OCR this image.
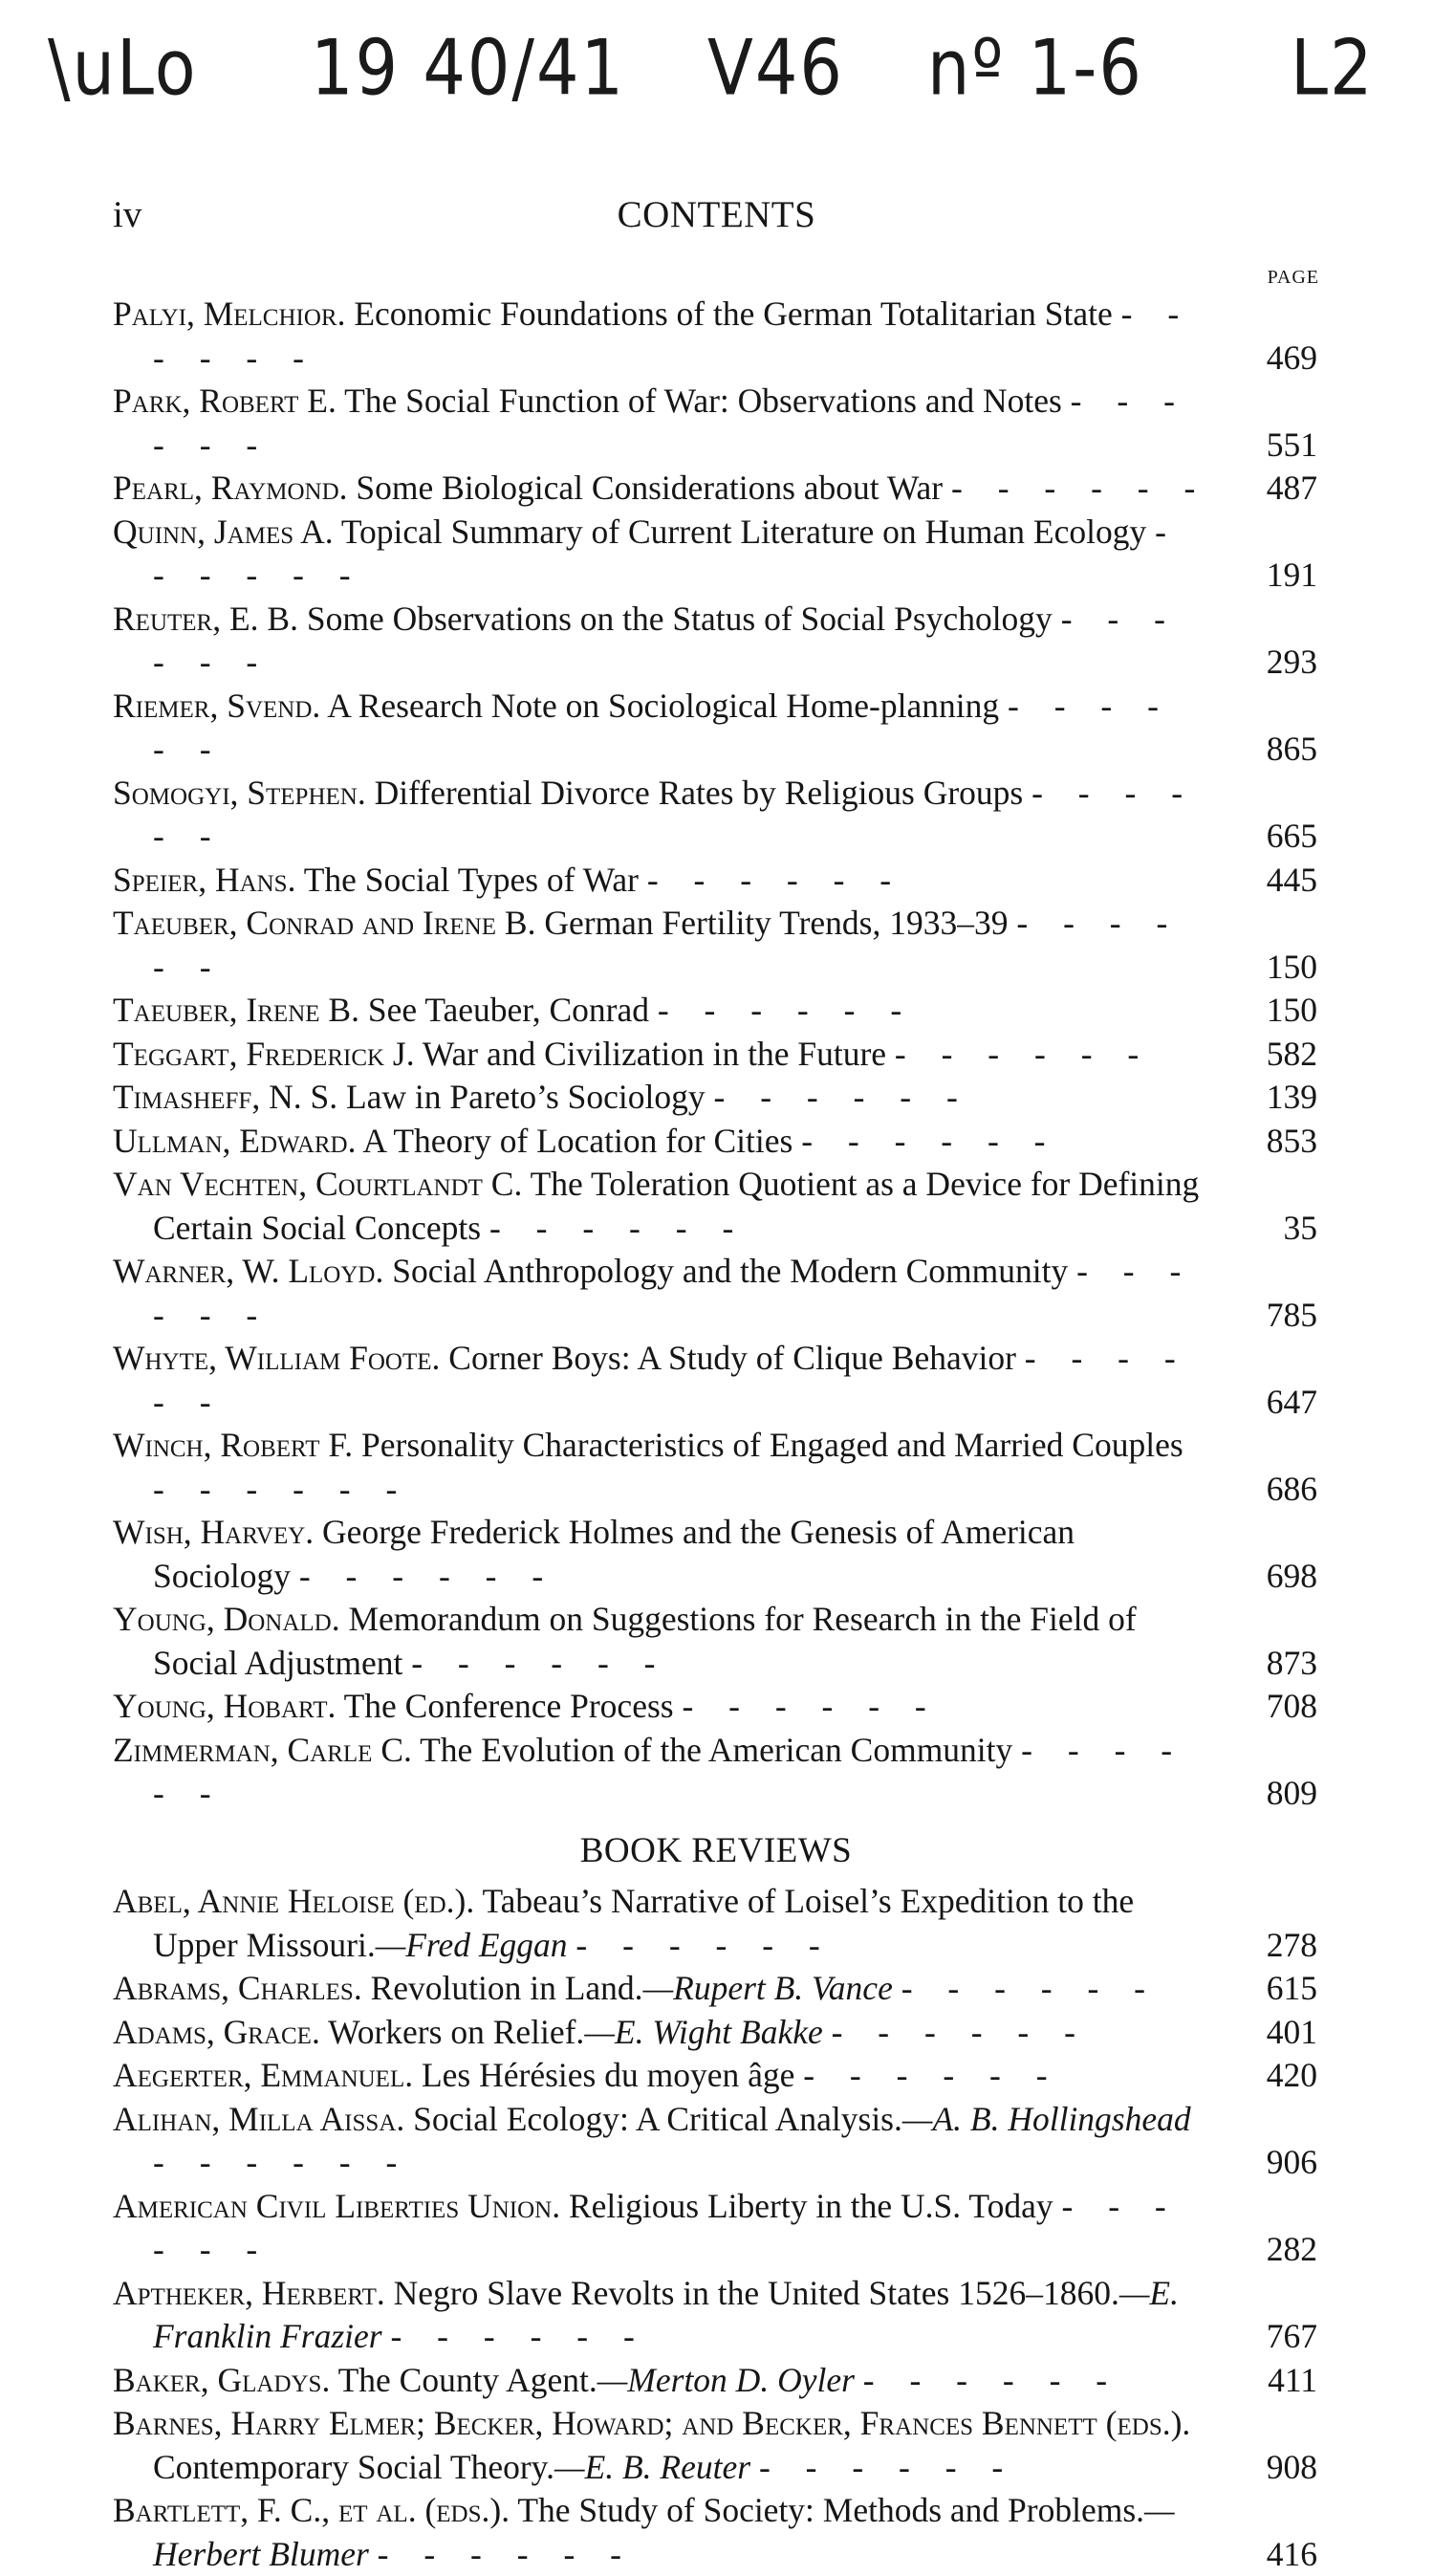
\uLo 19 40/41 V46 nº 1-6 L2
iv	CONTENTS
PAGE
Palyi, Melchior. Economic Foundations of the German Totalitarian State - - - - - -	469
Park, Robert E. The Social Function of War: Observations and Notes - - - - - -	551
Pearl, Raymond. Some Biological Considerations about War - - - - - -	487
Quinn, James A. Topical Summary of Current Literature on Human Ecology - - - - - -	191
Reuter, E. B. Some Observations on the Status of Social Psychology - - - - - -	293
Riemer, Svend. A Research Note on Sociological Home-planning - - - - - -	865
Somogyi, Stephen. Differential Divorce Rates by Religious Groups - - - - - -	665
Speier, Hans. The Social Types of War - - - - - -	445
Taeuber, Conrad and Irene B. German Fertility Trends, 1933–39 - - - - - -	150
Taeuber, Irene B. See Taeuber, Conrad - - - - - -	150
Teggart, Frederick J. War and Civilization in the Future - - - - - -	582
Timasheff, N. S. Law in Pareto’s Sociology - - - - - -	139
Ullman, Edward. A Theory of Location for Cities - - - - - -	853
Van Vechten, Courtlandt C. The Toleration Quotient as a Device for Defining Certain Social Concepts - - - - - -	35
Warner, W. Lloyd. Social Anthropology and the Modern Community - - - - - -	785
Whyte, William Foote. Corner Boys: A Study of Clique Behavior - - - - - -	647
Winch, Robert F. Personality Characteristics of Engaged and Married Couples - - - - - -	686
Wish, Harvey. George Frederick Holmes and the Genesis of American Sociology - - - - - -	698
Young, Donald. Memorandum on Suggestions for Research in the Field of Social Adjustment - - - - - -	873
Young, Hobart. The Conference Process - - - - - -	708
Zimmerman, Carle C. The Evolution of the American Community - - - - - -	809
BOOK REVIEWS
Abel, Annie Heloise (ed.). Tabeau’s Narrative of Loisel’s Expedition to the Upper Missouri.—Fred Eggan - - - - - -	278
Abrams, Charles. Revolution in Land.—Rupert B. Vance - - - - - -	615
Adams, Grace. Workers on Relief.—E. Wight Bakke - - - - - -	401
Aegerter, Emmanuel. Les Hérésies du moyen âge - - - - - -	420
Alihan, Milla Aissa. Social Ecology: A Critical Analysis.—A. B. Hollingshead - - - - - -	906
American Civil Liberties Union. Religious Liberty in the U.S. Today - - - - - -	282
Aptheker, Herbert. Negro Slave Revolts in the United States 1526–1860.—E. Franklin Frazier - - - - - -	767
Baker, Gladys. The County Agent.—Merton D. Oyler - - - - - -	411
Barnes, Harry Elmer; Becker, Howard; and Becker, Frances Bennett (eds.). Contemporary Social Theory.—E. B. Reuter - - - - - -	908
Bartlett, F. C., et al. (eds.). The Study of Society: Methods and Problems.—Herbert Blumer - - - - - -	416
